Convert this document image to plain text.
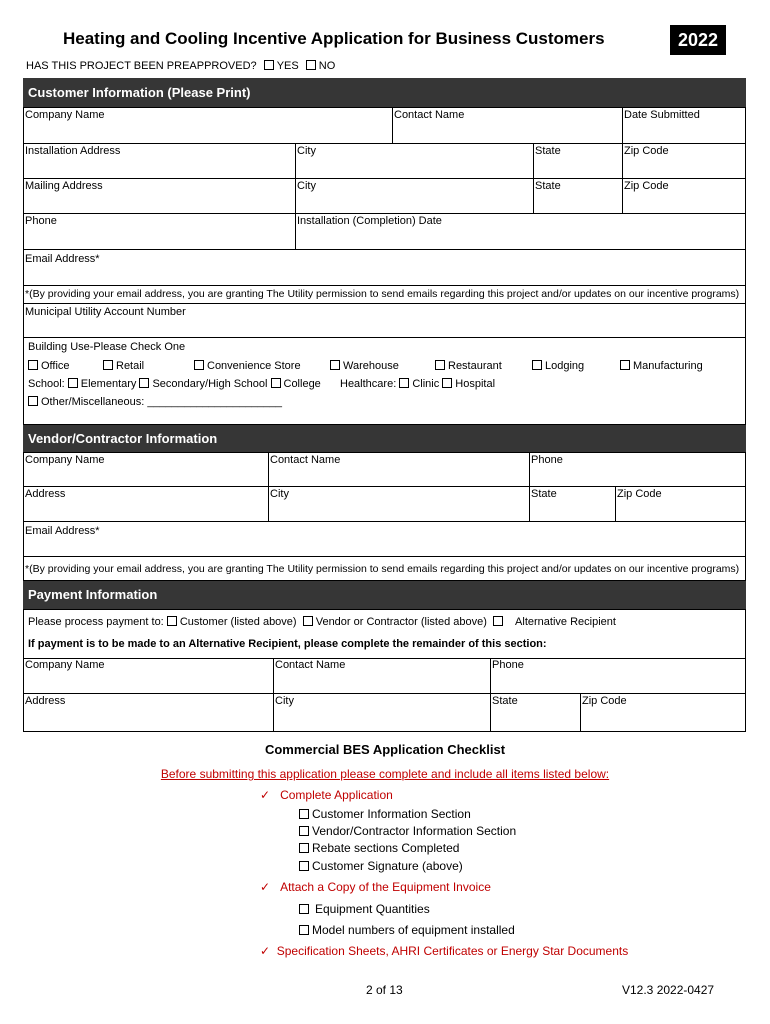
Heating and Cooling Incentive Application for Business Customers	2022
HAS THIS PROJECT BEEN PREAPPROVED? YES NO
Customer Information (Please Print)
Company Name	Contact Name	Date Submitted
Installation Address	City	State	Zip Code
Mailing Address	City	State	Zip Code
Phone	Installation (Completion) Date
Email Address*
*(By providing your email address, you are granting The Utility permission to send emails regarding this project and/or updates on our incentive programs)
Municipal Utility Account Number
Building Use-Please Check One
Office	Retail	Convenience Store	Warehouse	Restaurant	Lodging	Manufacturing
School: Elementary Secondary/High School College Healthcare: Clinic Hospital
Other/Miscellaneous: ______________________
Vendor/Contractor Information
Company Name	Contact Name	Phone
Address	City	State	Zip Code
Email Address*
*(By providing your email address, you are granting The Utility permission to send emails regarding this project and/or updates on our incentive programs)
Payment Information
Please process payment to: Customer (listed above) Vendor or Contractor (listed above)	Alternative Recipient
If payment is to be made to an Alternative Recipient, please complete the remainder of this section:
Company Name	Contact Name	Phone
Address	City	State	Zip Code
Commercial BES Application Checklist
Before submitting this application please complete and include all items listed below:
✓ Complete Application
Customer Information Section
Vendor/Contractor Information Section
Rebate sections Completed
Customer Signature (above)
✓ Attach a Copy of the Equipment Invoice
Equipment Quantities
Model numbers of equipment installed
✓ Specification Sheets, AHRI Certificates or Energy Star Documents
2 of 13	V12.3 2022-0427
